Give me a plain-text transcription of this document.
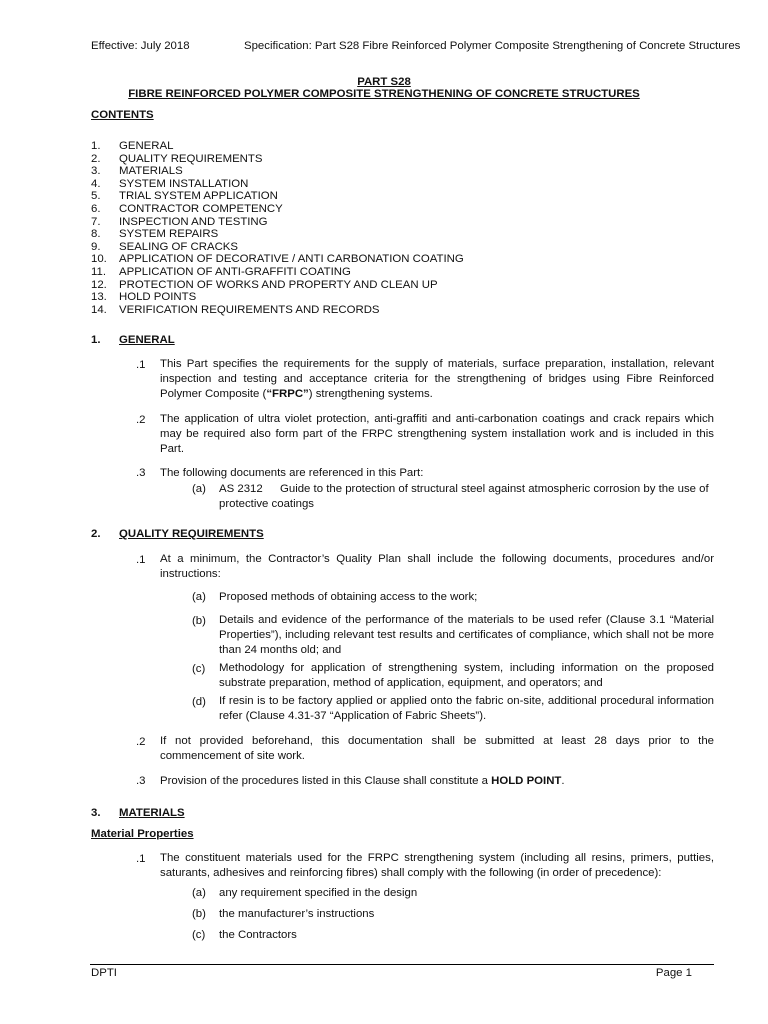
Effective: July 2018	Specification: Part S28 Fibre Reinforced Polymer Composite Strengthening of Concrete Structures
PART S28
FIBRE REINFORCED POLYMER COMPOSITE STRENGTHENING OF CONCRETE STRUCTURES
CONTENTS
1. GENERAL
2. QUALITY REQUIREMENTS
3. MATERIALS
4. SYSTEM INSTALLATION
5. TRIAL SYSTEM APPLICATION
6. CONTRACTOR COMPETENCY
7. INSPECTION AND TESTING
8. SYSTEM REPAIRS
9. SEALING OF CRACKS
10. APPLICATION OF DECORATIVE / ANTI CARBONATION COATING
11. APPLICATION OF ANTI-GRAFFITI COATING
12. PROTECTION OF WORKS AND PROPERTY AND CLEAN UP
13. HOLD POINTS
14. VERIFICATION REQUIREMENTS AND RECORDS
1. GENERAL
.1 This Part specifies the requirements for the supply of materials, surface preparation, installation, relevant inspection and testing and acceptance criteria for the strengthening of bridges using Fibre Reinforced Polymer Composite (“FRPC”) strengthening systems.
.2 The application of ultra violet protection, anti-graffiti and anti-carbonation coatings and crack repairs which may be required also form part of the FRPC strengthening system installation work and is included in this Part.
.3 The following documents are referenced in this Part:
(a) AS 2312 Guide to the protection of structural steel against atmospheric corrosion by the use of
protective coatings
2. QUALITY REQUIREMENTS
.1 At a minimum, the Contractor’s Quality Plan shall include the following documents, procedures and/or instructions:
(a) Proposed methods of obtaining access to the work;
(b) Details and evidence of the performance of the materials to be used refer (Clause 3.1 “Material Properties”), including relevant test results and certificates of compliance, which shall not be more than 24 months old; and
(c) Methodology for application of strengthening system, including information on the proposed substrate preparation, method of application, equipment, and operators; and
(d) If resin is to be factory applied or applied onto the fabric on-site, additional procedural information refer (Clause 4.31-37 “Application of Fabric Sheets”).
.2 If not provided beforehand, this documentation shall be submitted at least 28 days prior to the commencement of site work.
.3 Provision of the procedures listed in this Clause shall constitute a HOLD POINT.
3. MATERIALS
Material Properties
.1 The constituent materials used for the FRPC strengthening system (including all resins, primers, putties, saturants, adhesives and reinforcing fibres) shall comply with the following (in order of precedence):
(a) any requirement specified in the design
(b) the manufacturer’s instructions
(c) the Contractors
DPTI	Page 1
